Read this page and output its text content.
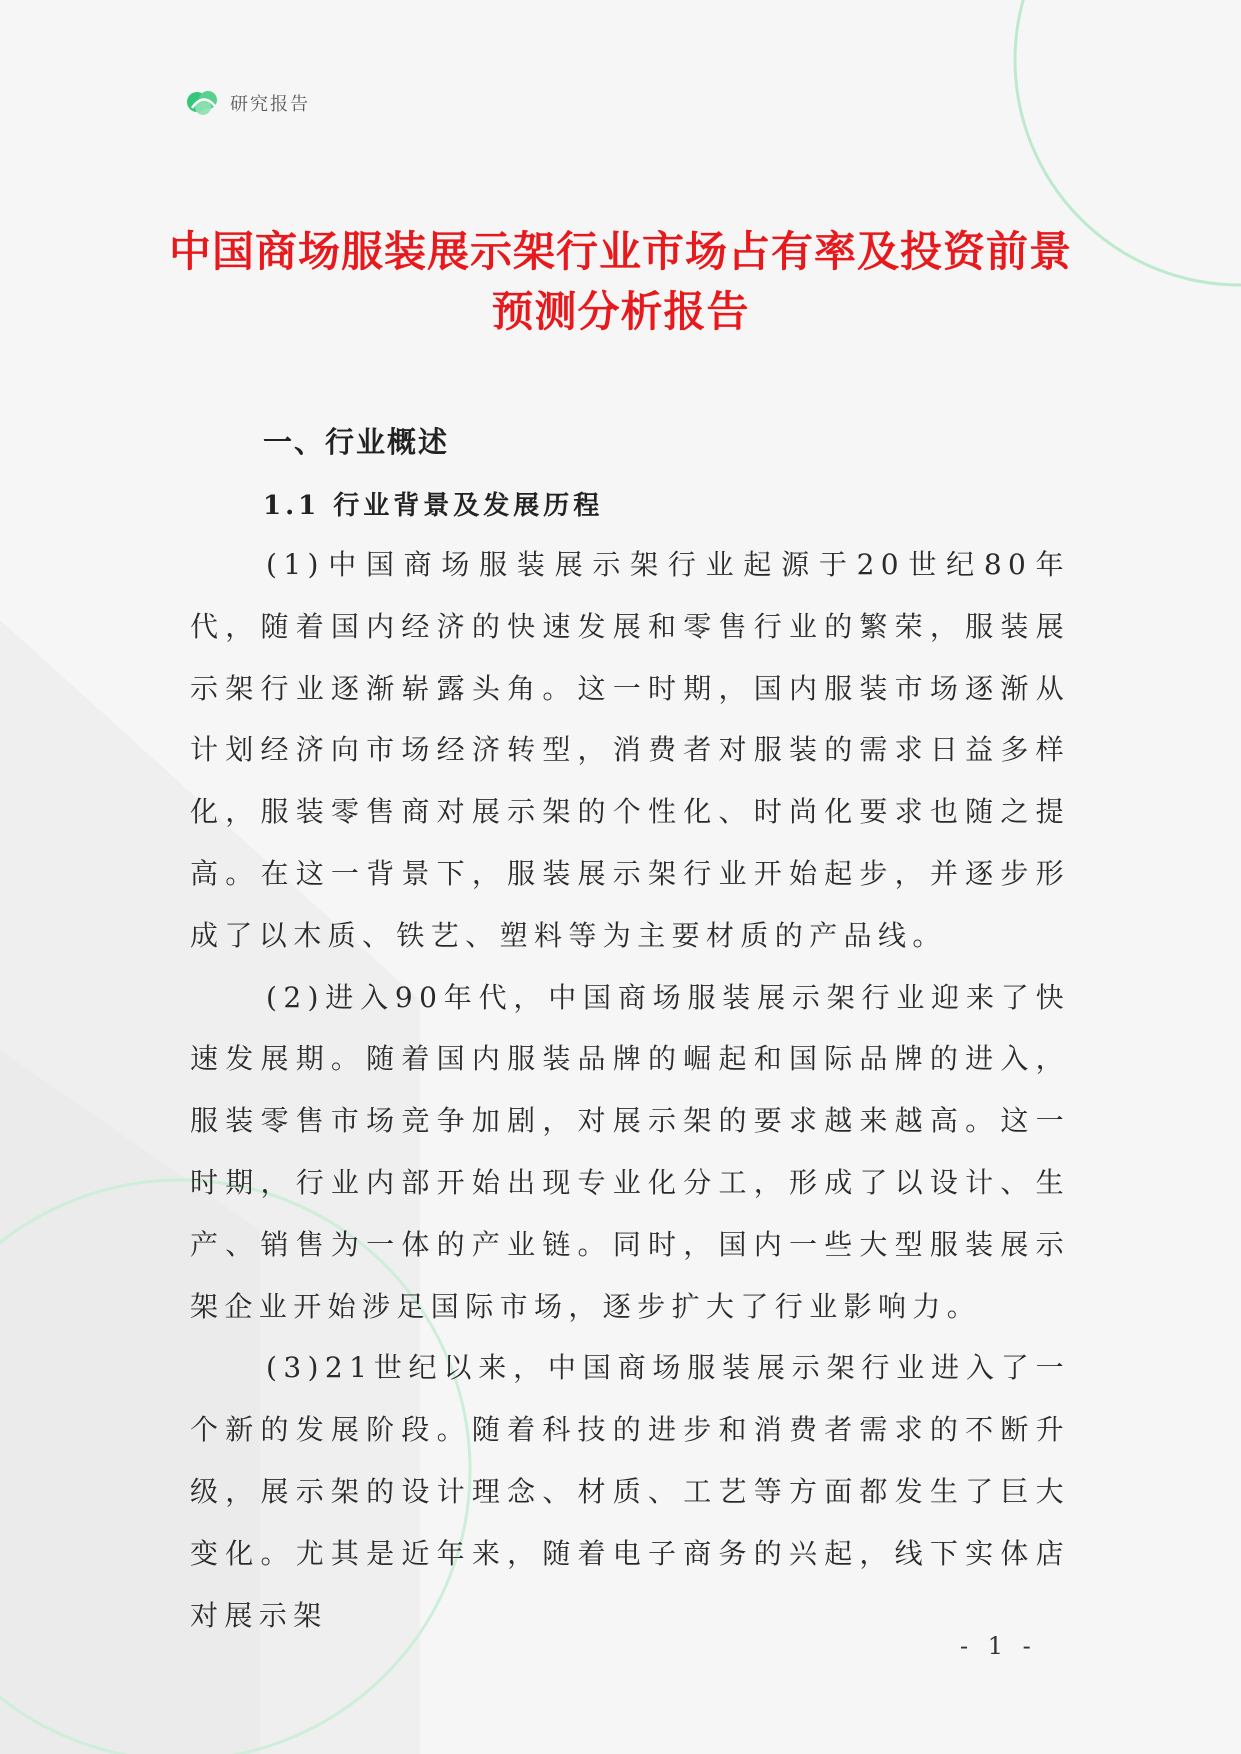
研究报告
中国商场服装展示架行业市场占有率及投资前景预测分析报告
一、行业概述
1.1 行业背景及发展历程

(1)中国商场服装展示架行业起源于20世纪80年代，随着国内经济的快速发展和零售行业的繁荣，服装展示架行业逐渐崭露头角。这一时期，国内服装市场逐渐从计划经济向市场经济转型，消费者对服装的需求日益多样化，服装零售商对展示架的个性化、时尚化要求也随之提高。在这一背景下，服装展示架行业开始起步，并逐步形成了以木质、铁艺、塑料等为主要材质的产品线。

(2)进入90年代，中国商场服装展示架行业迎来了快速发展期。随着国内服装品牌的崛起和国际品牌的进入，服装零售市场竞争加剧，对展示架的要求越来越高。这一时期，行业内部开始出现专业化分工，形成了以设计、生产、销售为一体的产业链。同时，国内一些大型服装展示架企业开始涉足国际市场，逐步扩大了行业影响力。

(3)21世纪以来，中国商场服装展示架行业进入了一个新的发展阶段。随着科技的进步和消费者需求的不断升级，展示架的设计理念、材质、工艺等方面都发生了巨大变化。尤其是近年来，随着电子商务的兴起，线下实体店对展示架

- 1 -
